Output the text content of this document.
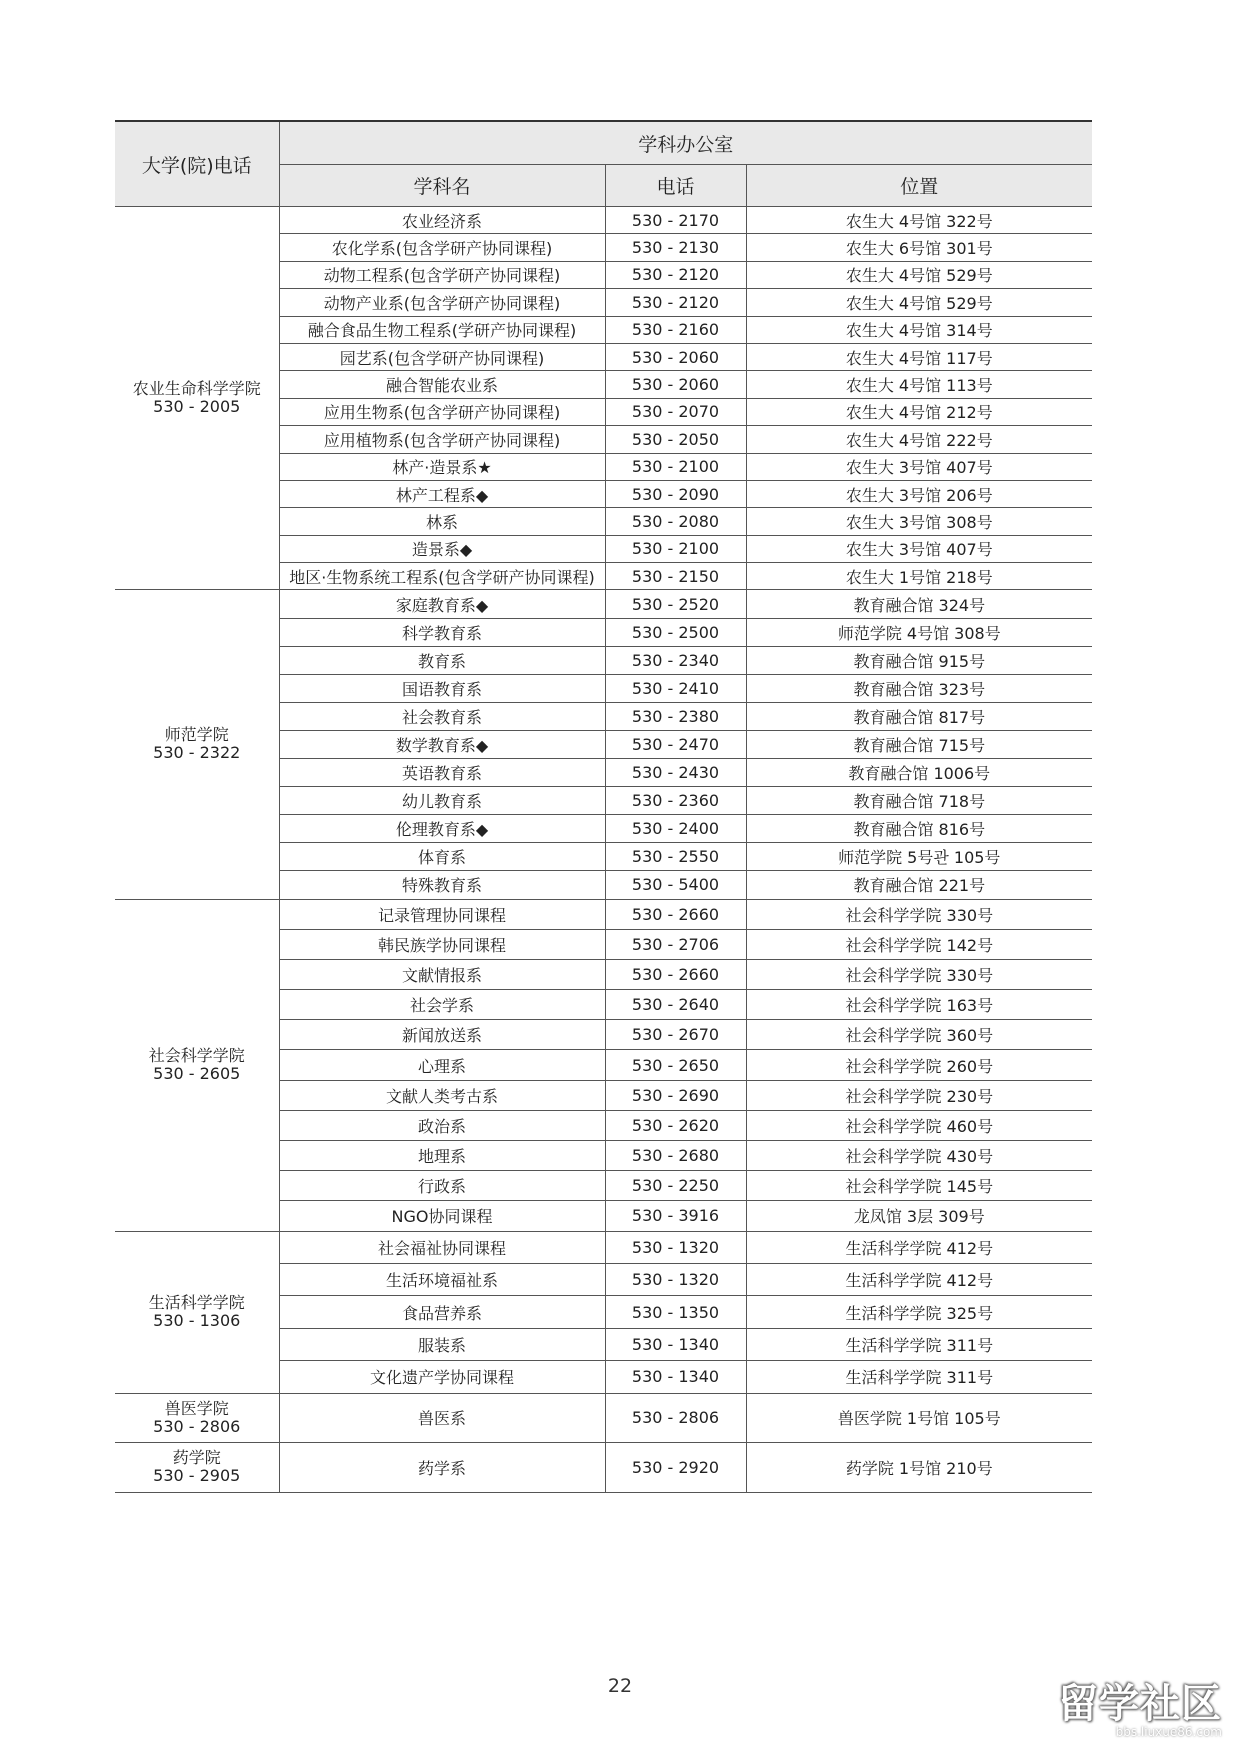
大学(院)电话	学科办公室		
	学科名	电话	位置

农业生命科学学院
530 - 2005	农业经济系	530 - 2170	农生大 4号馆 322号
	农化学系(包含学研产协同课程)	530 - 2130	农生大 6号馆 301号
	动物工程系(包含学研产协同课程)	530 - 2120	农生大 4号馆 529号
	动物产业系(包含学研产协同课程)	530 - 2120	农生大 4号馆 529号
	融合食品生物工程系(学研产协同课程)	530 - 2160	农生大 4号馆 314号
	园艺系(包含学研产协同课程)	530 - 2060	农生大 4号馆 117号
	融合智能农业系	530 - 2060	农生大 4号馆 113号
	应用生物系(包含学研产协同课程)	530 - 2070	农生大 4号馆 212号
	应用植物系(包含学研产协同课程)	530 - 2050	农生大 4号馆 222号
	林产·造景系★	530 - 2100	农生大 3号馆 407号
	林产工程系◆	530 - 2090	农生大 3号馆 206号
	林系	530 - 2080	农生大 3号馆 308号
	造景系◆	530 - 2100	农生大 3号馆 407号
	地区·生物系统工程系(包含学研产协同课程)	530 - 2150	农生大 1号馆 218号

师范学院
530 - 2322	家庭教育系◆	530 - 2520	教育融合馆 324号
	科学教育系	530 - 2500	师范学院 4号馆 308号
	教育系	530 - 2340	教育融合馆 915号
	国语教育系	530 - 2410	教育融合馆 323号
	社会教育系	530 - 2380	教育融合馆 817号
	数学教育系◆	530 - 2470	教育融合馆 715号
	英语教育系	530 - 2430	教育融合馆 1006号
	幼儿教育系	530 - 2360	教育融合馆 718号
	伦理教育系◆	530 - 2400	教育融合馆 816号
	体育系	530 - 2550	师范学院 5号관 105号
	特殊教育系	530 - 5400	教育融合馆 221号

社会科学学院
530 - 2605	记录管理协同课程	530 - 2660	社会科学学院 330号
	韩民族学协同课程	530 - 2706	社会科学学院 142号
	文献情报系	530 - 2660	社会科学学院 330号
	社会学系	530 - 2640	社会科学学院 163号
	新闻放送系	530 - 2670	社会科学学院 360号
	心理系	530 - 2650	社会科学学院 260号
	文献人类考古系	530 - 2690	社会科学学院 230号
	政治系	530 - 2620	社会科学学院 460号
	地理系	530 - 2680	社会科学学院 430号
	行政系	530 - 2250	社会科学学院 145号
	NGO协同课程	530 - 3916	龙凤馆 3层 309号

生活科学学院
530 - 1306	社会福祉协同课程	530 - 1320	生活科学学院 412号
	生活环境福祉系	530 - 1320	生活科学学院 412号
	食品营养系	530 - 1350	生活科学学院 325号
	服装系	530 - 1340	生活科学学院 311号
	文化遗产学协同课程	530 - 1340	生活科学学院 311号

兽医学院
530 - 2806	兽医系	530 - 2806	兽医学院 1号馆 105号

药学院
530 - 2905	药学系	530 - 2920	药学院 1号馆 210号
22	留学社区
bbs.liuxue86.com
